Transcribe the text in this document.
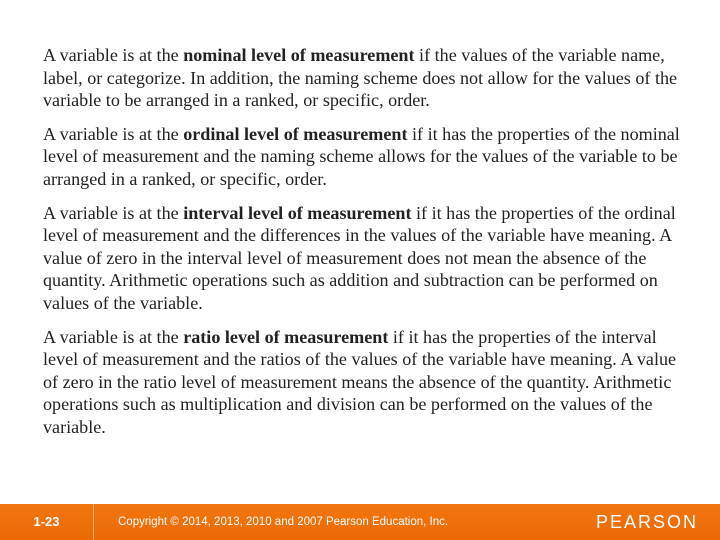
A variable is at the nominal level of measurement if the values of the variable name, label, or categorize. In addition, the naming scheme does not allow for the values of the variable to be arranged in a ranked, or specific, order.

A variable is at the ordinal level of measurement if it has the properties of the nominal level of measurement and the naming scheme allows for the values of the variable to be arranged in a ranked, or specific, order.

A variable is at the interval level of measurement if it has the properties of the ordinal level of measurement and the differences in the values of the variable have meaning. A value of zero in the interval level of measurement does not mean the absence of the quantity. Arithmetic operations such as addition and subtraction can be performed on values of the variable.

A variable is at the ratio level of measurement if it has the properties of the interval level of measurement and the ratios of the values of the variable have meaning. A value of zero in the ratio level of measurement means the absence of the quantity. Arithmetic operations such as multiplication and division can be performed on the values of the variable.

1-23	Copyright © 2014, 2013, 2010 and 2007 Pearson Education, Inc.	PEARSON
